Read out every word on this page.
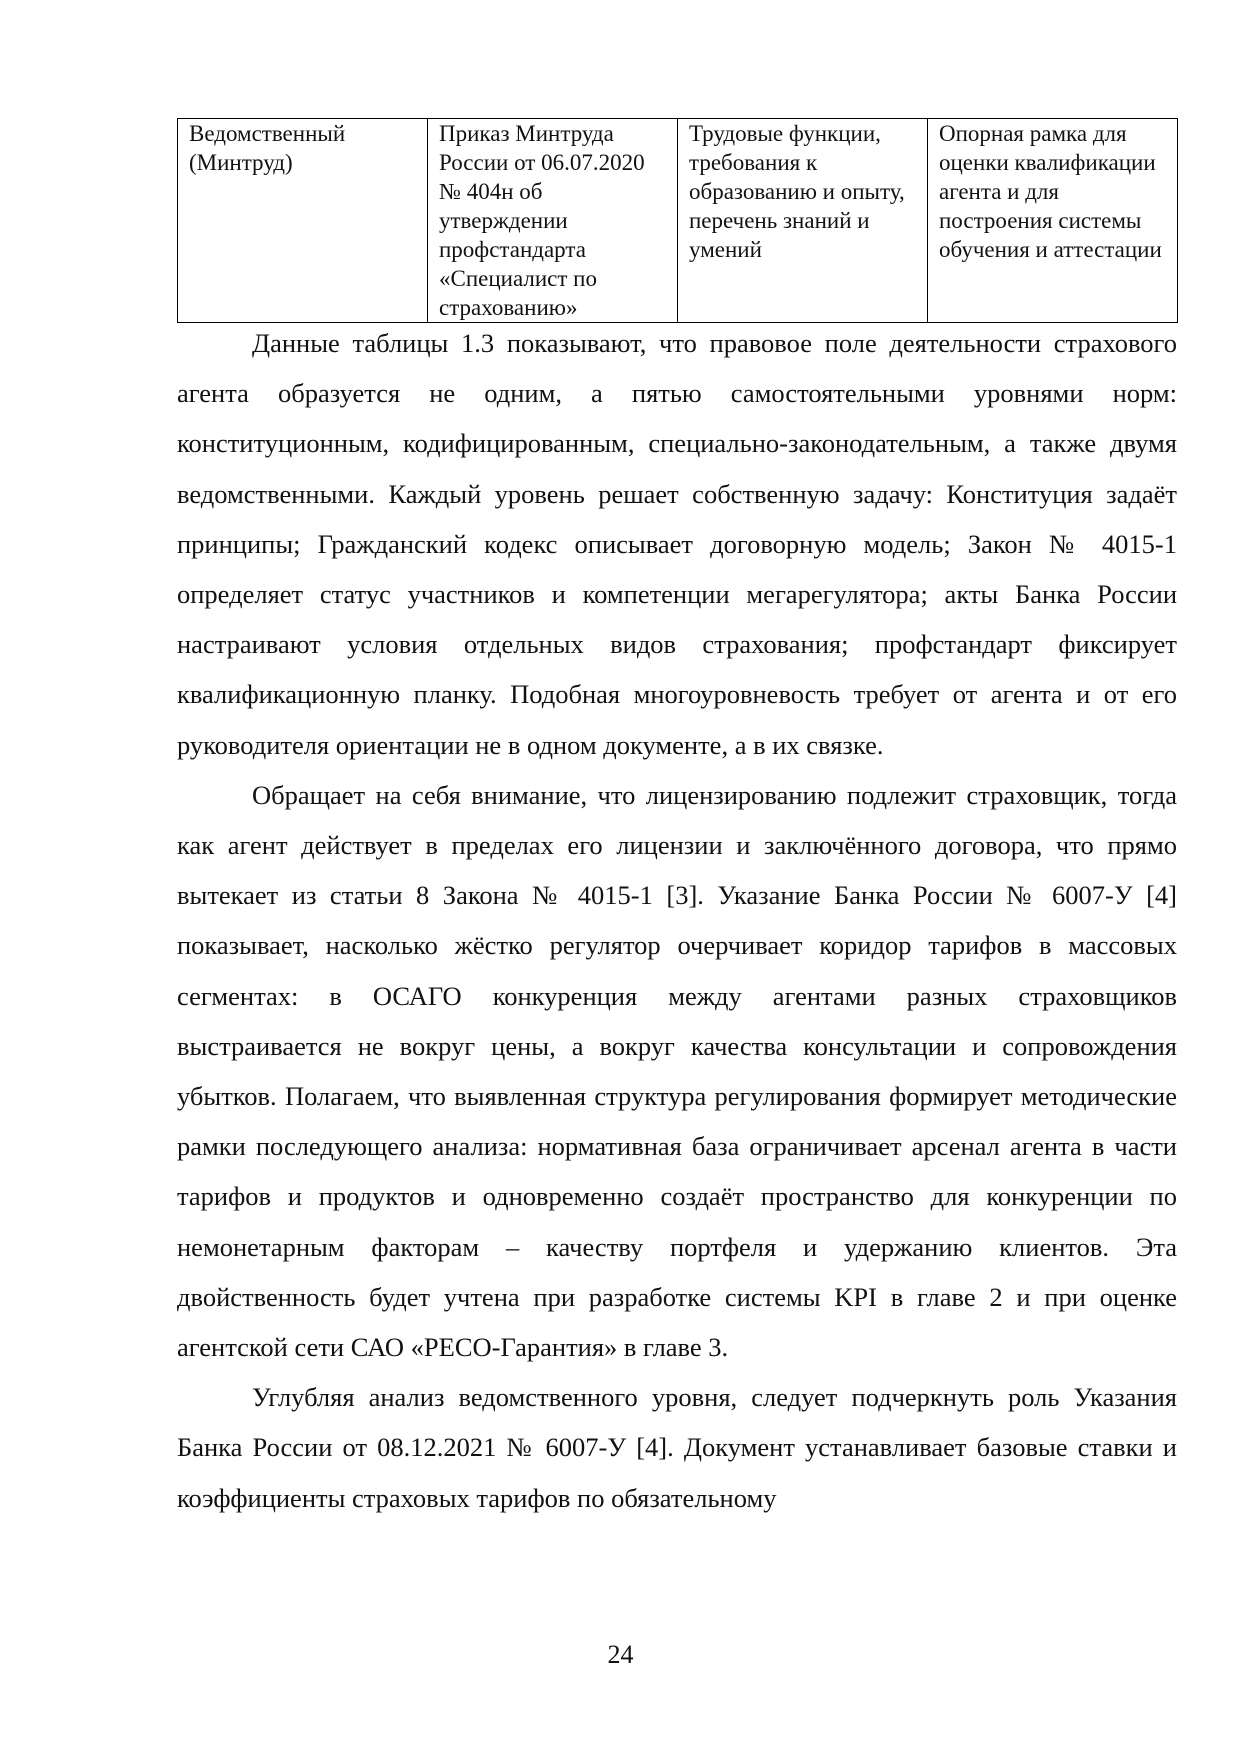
Ведомственный (Минтруд)	Приказ Минтруда России от 06.07.2020 № 404н об утверждении профстандарта «Специалист по страхованию»	Трудовые функции, требования к образованию и опыту, перечень знаний и умений	Опорная рамка для оценки квалификации агента и для построения системы обучения и аттестации

Данные таблицы 1.3 показывают, что правовое поле деятельности страхового агента образуется не одним, а пятью самостоятельными уровнями норм: конституционным, кодифицированным, специально-законодательным, а также двумя ведомственными. Каждый уровень решает собственную задачу: Конституция задаёт принципы; Гражданский кодекс описывает договорную модель; Закон № 4015-1 определяет статус участников и компетенции мегарегулятора; акты Банка России настраивают условия отдельных видов страхования; профстандарт фиксирует квалификационную планку. Подобная многоуровневость требует от агента и от его руководителя ориентации не в одном документе, а в их связке.

Обращает на себя внимание, что лицензированию подлежит страховщик, тогда как агент действует в пределах его лицензии и заключённого договора, что прямо вытекает из статьи 8 Закона № 4015-1 [3]. Указание Банка России № 6007-У [4] показывает, насколько жёстко регулятор очерчивает коридор тарифов в массовых сегментах: в ОСАГО конкуренция между агентами разных страховщиков выстраивается не вокруг цены, а вокруг качества консультации и сопровождения убытков. Полагаем, что выявленная структура регулирования формирует методические рамки последующего анализа: нормативная база ограничивает арсенал агента в части тарифов и продуктов и одновременно создаёт пространство для конкуренции по немонетарным факторам – качеству портфеля и удержанию клиентов. Эта двойственность будет учтена при разработке системы KPI в главе 2 и при оценке агентской сети САО «РЕСО-Гарантия» в главе 3.

Углубляя анализ ведомственного уровня, следует подчеркнуть роль Указания Банка России от 08.12.2021 № 6007-У [4]. Документ устанавливает базовые ставки и коэффициенты страховых тарифов по обязательному

24
